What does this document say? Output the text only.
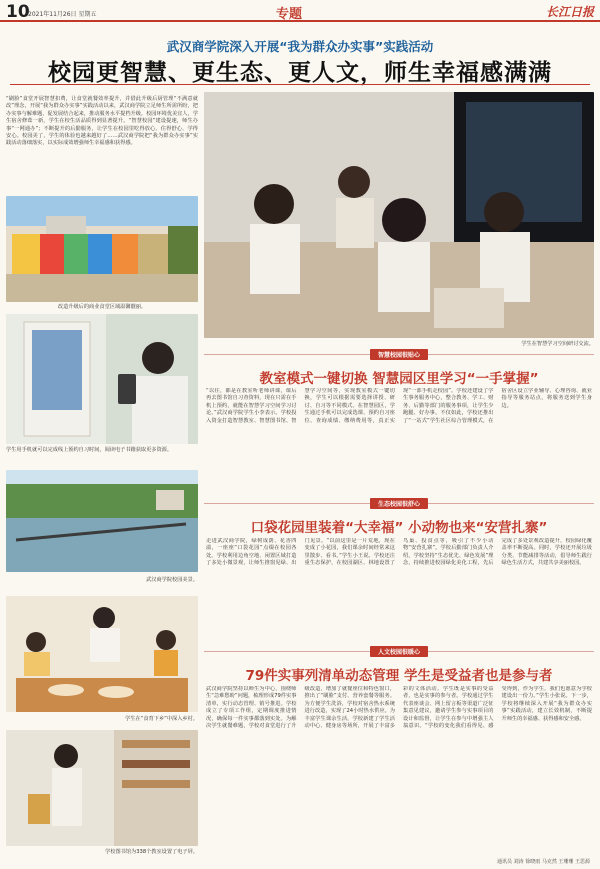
10
2021年11月26日 星期五	专题	长江日报
武汉商学院深入开展“我为群众办实事”实践活动
校园更智慧、更生态、更人文，师生幸福感满满
“刷脸”食堂开展智慧扣费，让食堂就餐效率提升，并借此升级后厨管理“不满意就改”理念，开展“我为群众办实事”实践活动以来，武汉商学院立足师生所需所盼，把办实事与解难题、促发展结合起来，推动服务水平提档升级。校园环境优美宜人，学生宿舍修葺一新，学生在校生活品质得到显著提升。“智慧校园”建设提速，师生办事“一网通办”；不断提升的后勤服务，让学生在校园里吃得放心、住得舒心、学得安心。校园美了，学生的体验也越来越好了……武汉商学院把“我为群众办实事”实践活动落细落实，以实际成效增强师生幸福感和获得感。
改造升级后的商业食堂区域温馨靓丽。
学生用手机就可以完成线上预约自习时间，阅读电子书籍获取更多资源。
武汉商学院校园美景。
学生在“食育下乡”中深入乡村。
学校图书馆为338个教室设置了电子屏。
学生在智慧学习空间研讨交流。
智慧校园很贴心
教室模式一键切换 智慧园区里学习“一手掌握”
“以往，都是在教室听老师讲课，课后再去图书馆自习查资料，现在只需在手机上预约，就能在智慧学习空间学习讨论。”武汉商学院学生小李表示。学校投入资金打造智慧教室、智慧图书馆、智慧学习空间等，实现教室模式一键切换，学生可以根据需要选择讲授、研讨、自习等不同模式。在智慧园区，学生通过手机可以完成选课、预约自习座位、查询成绩、缴纳费用等，真正实现“一部手机走校园”。学校还建设了学生事务服务中心，整合教务、学工、财务、后勤等部门的服务事项，让学生少跑腿、好办事。不仅如此，学校还推出了“一站式”学生社区综合管理模式，在宿舍区设立学业辅导、心理咨询、就业指导等服务站点，将服务送到学生身边。
生态校园很舒心
口袋花园里装着“大幸福” 小动物也来“安营扎寨”
走进武汉商学院，绿树成荫、花香四溢，一座座“口袋花园”点缀在校园各处。学校利用边角空地、闲置区域打造了多处小微景观，让师生推窗见绿、出门见景。“以前这里是一片荒地，现在变成了小花园，我们课余时间经常来这里散步、看书。”学生小王说。学校还注重生态保护，在校园湖区、林地设置了鸟巢、投食点等，吸引了不少小动物“安营扎寨”。学校后勤部门负责人介绍，学校坚持“生态优先、绿色发展”理念，持续推进校园绿化美化工程，先后完成了多处景观改造提升，校园绿化覆盖率不断提高。同时，学校还开展垃圾分类、节能减排等活动，倡导师生践行绿色生活方式，共建共享美丽校园。
人文校园很暖心
79件实事列清单动态管理 学生是受益者也是参与者
武汉商学院坚持以师生为中心，围绕师生“急难愁盼”问题，梳理形成79件实事清单，实行动态管理、销号推进。学校成立了专项工作组，定期调度推进情况，确保每一件实事都落到实处。为解决学生就餐难题，学校对食堂进行了升级改造，增加了就餐座位和特色窗口，推出了“刷脸”支付、营养套餐等服务。为方便学生洗浴，学校对宿舍热水系统进行改造，实现了24小时热水供应。为丰富学生课余生活，学校新建了学生活动中心、健身房等场所，开展了丰富多彩的文体活动。学生既是实事的受益者，也是实事的参与者。学校通过学生代表座谈会、网上留言板等渠道广泛征集意见建议，邀请学生参与实事项目的设计和监督，让学生在参与中增强主人翁意识。“学校的变化我们看得见、感受得到，作为学生，我们也愿意为学校建设出一份力。”学生小张说。下一步，学校将继续深入开展“我为群众办实事”实践活动，建立长效机制，不断提升师生的幸福感、获得感和安全感。
通讯员 刘涛 徐晓雨 马克然 王珊珊 王思源
